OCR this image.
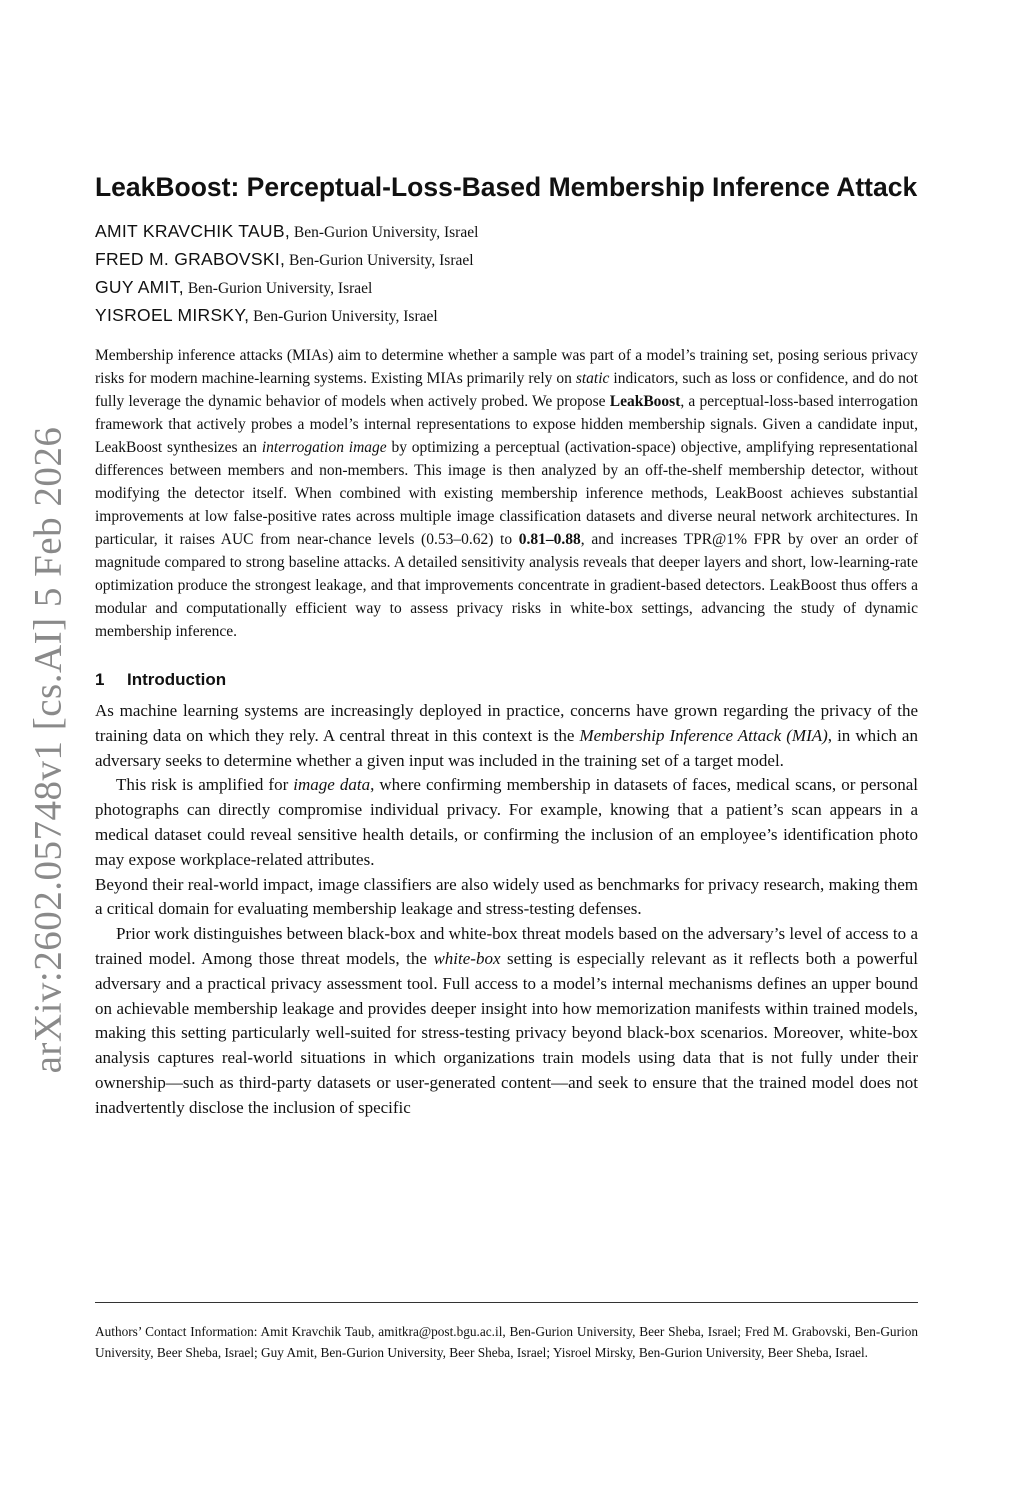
arXiv:2602.05748v1 [cs.AI] 5 Feb 2026
LeakBoost: Perceptual-Loss-Based Membership Inference Attack
AMIT KRAVCHIK TAUB, Ben-Gurion University, Israel
FRED M. GRABOVSKI, Ben-Gurion University, Israel
GUY AMIT, Ben-Gurion University, Israel
YISROEL MIRSKY, Ben-Gurion University, Israel

Membership inference attacks (MIAs) aim to determine whether a sample was part of a model’s training set, posing serious privacy risks for modern machine-learning systems. Existing MIAs primarily rely on static indicators, such as loss or confidence, and do not fully leverage the dynamic behavior of models when actively probed. We propose LeakBoost, a perceptual-loss-based interrogation framework that actively probes a model’s internal representations to expose hidden membership signals. Given a candidate input, LeakBoost synthesizes an interrogation image by optimizing a perceptual (activation-space) objective, amplifying representational differences between members and non-members. This image is then analyzed by an off-the-shelf membership detector, without modifying the detector itself. When combined with existing membership inference methods, LeakBoost achieves substantial improvements at low false-positive rates across multiple image classification datasets and diverse neural network architectures. In particular, it raises AUC from near-chance levels (0.53–0.62) to 0.81–0.88, and increases TPR@1% FPR by over an order of magnitude compared to strong baseline attacks. A detailed sensitivity analysis reveals that deeper layers and short, low-learning-rate optimization produce the strongest leakage, and that improvements concentrate in gradient-based detectors. LeakBoost thus offers a modular and computationally efficient way to assess privacy risks in white-box settings, advancing the study of dynamic membership inference.

1 Introduction

As machine learning systems are increasingly deployed in practice, concerns have grown regarding the privacy of the training data on which they rely. A central threat in this context is the Membership Inference Attack (MIA), in which an adversary seeks to determine whether a given input was included in the training set of a target model.

This risk is amplified for image data, where confirming membership in datasets of faces, medical scans, or personal photographs can directly compromise individual privacy. For example, knowing that a patient’s scan appears in a medical dataset could reveal sensitive health details, or confirming the inclusion of an employee’s identification photo may expose workplace-related attributes.

Beyond their real-world impact, image classifiers are also widely used as benchmarks for privacy research, making them a critical domain for evaluating membership leakage and stress-testing defenses.

Prior work distinguishes between black-box and white-box threat models based on the adversary’s level of access to a trained model. Among those threat models, the white-box setting is especially relevant as it reflects both a powerful adversary and a practical privacy assessment tool. Full access to a model’s internal mechanisms defines an upper bound on achievable membership leakage and provides deeper insight into how memorization manifests within trained models, making this setting particularly well-suited for stress-testing privacy beyond black-box scenarios. Moreover, white-box analysis captures real-world situations in which organizations train models using data that is not fully under their ownership—such as third-party datasets or user-generated content—and seek to ensure that the trained model does not inadvertently disclose the inclusion of specific

Authors’ Contact Information: Amit Kravchik Taub, amitkra@post.bgu.ac.il, Ben-Gurion University, Beer Sheba, Israel; Fred M. Grabovski, Ben-Gurion University, Beer Sheba, Israel; Guy Amit, Ben-Gurion University, Beer Sheba, Israel; Yisroel Mirsky, Ben-Gurion University, Beer Sheba, Israel.
